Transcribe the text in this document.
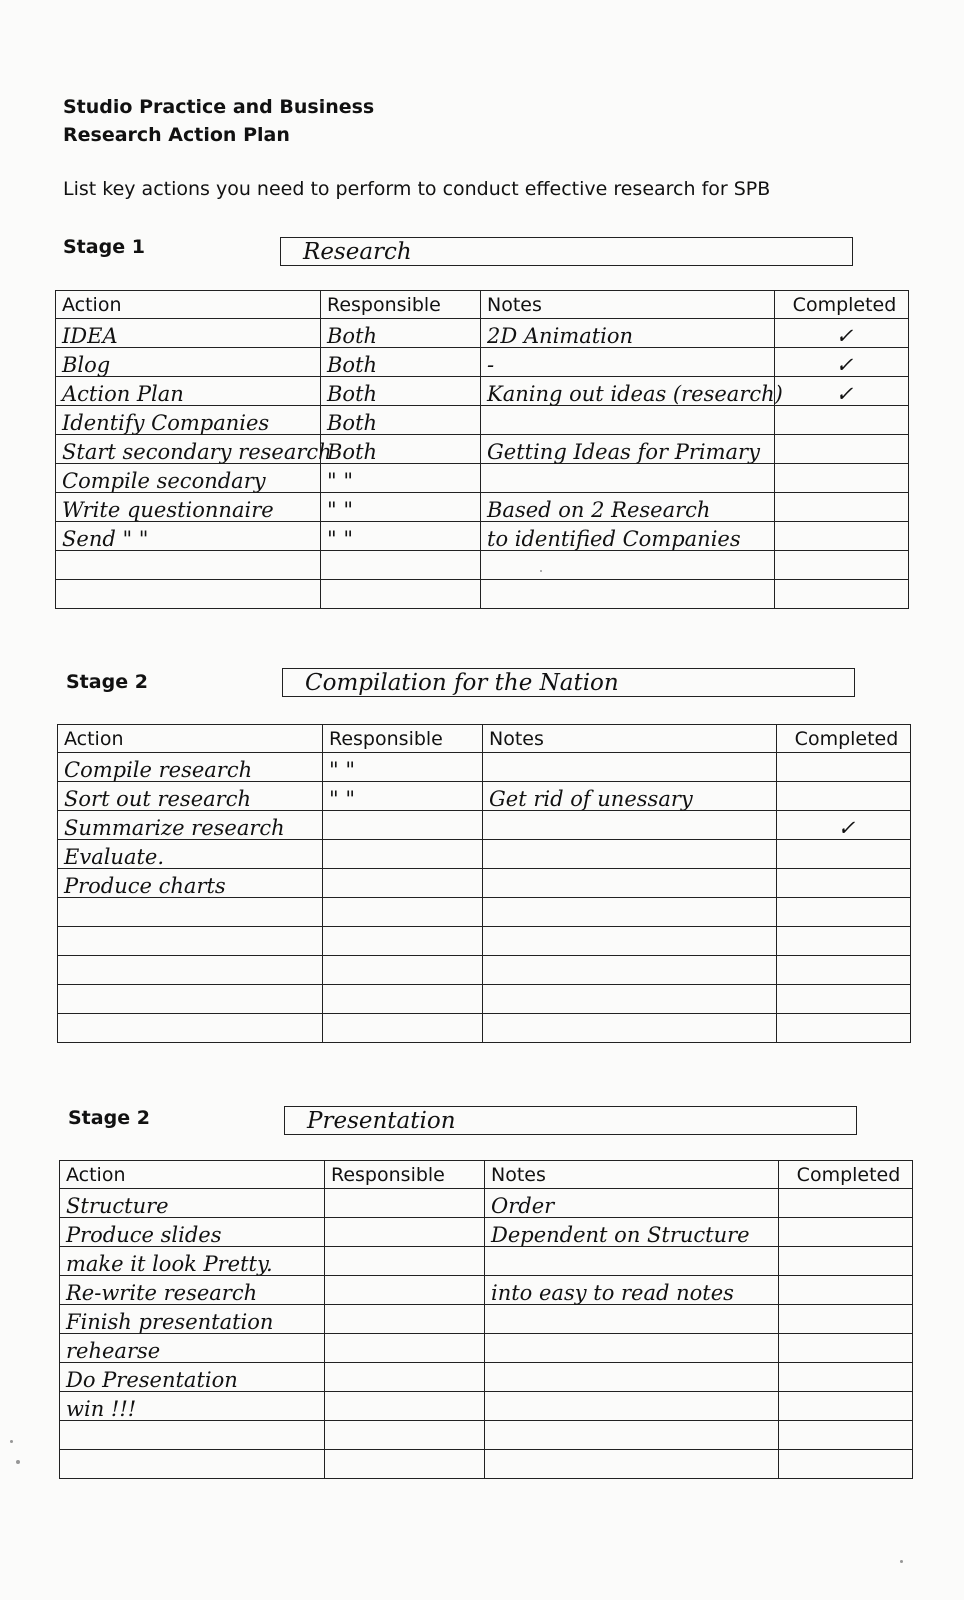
Studio Practice and Business
Research Action Plan
List key actions you need to perform to conduct effective research for SPB
Stage 1	Research
Action	Responsible	Notes	Completed
IDEA	Both	2D Animation	✓
Blog	Both	-	✓
Action Plan	Both	Kaning out ideas (research)	✓
Identify Companies	Both		
Start secondary research	Both	Getting Ideas for Primary	
Compile secondary	" "		
Write questionnaire	" "	Based on 2 Research	
Send " "	" "	to identified Companies	

Stage 2	Compilation for the Nation
Action	Responsible	Notes	Completed
Compile research	" "		
Sort out research	" "	Get rid of unessary	
Summarize research			✓
Evaluate.			
Produce charts			

Stage 2	Presentation
Action	Responsible	Notes	Completed
Structure		Order	
Produce slides		Dependent on Structure	
make it look Pretty.			
Re-write research		into easy to read notes	
Finish presentation			
rehearse			
Do Presentation			
win !!!			
